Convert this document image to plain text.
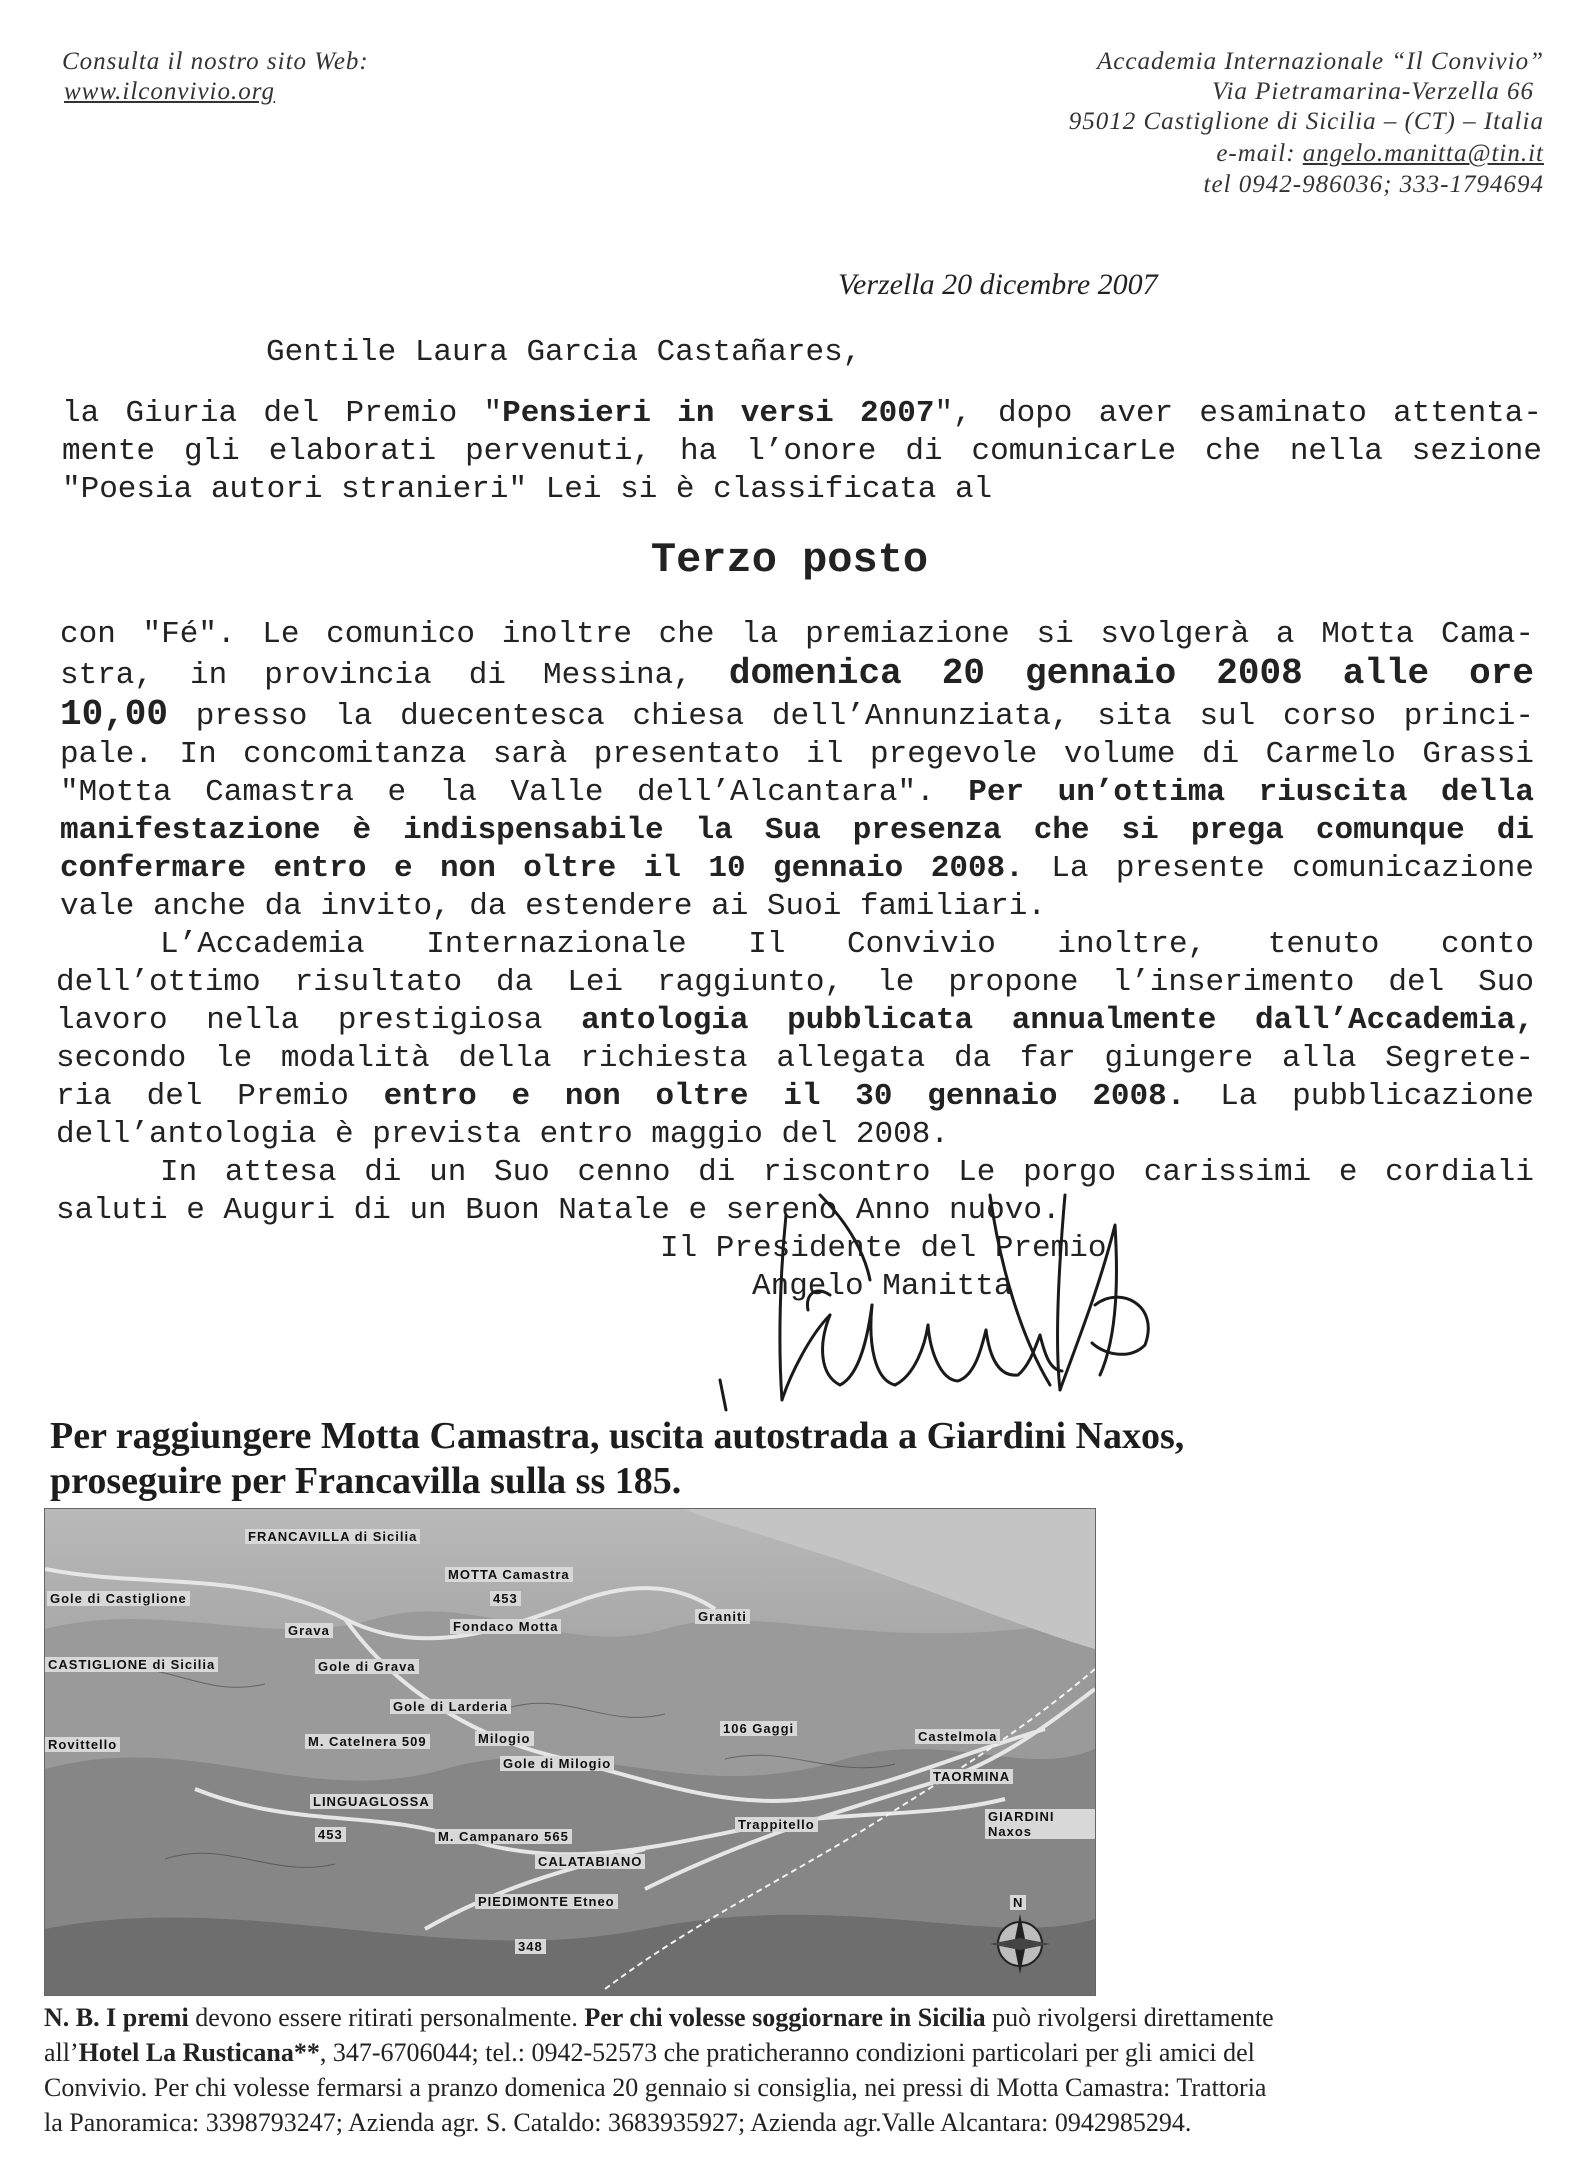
Consulta il nostro sito Web:
www.ilconvivio.org
Accademia Internazionale “Il Convivio”
Via Pietramarina-Verzella 66
95012 Castiglione di Sicilia – (CT) – Italia
e-mail: angelo.manitta@tin.it
tel 0942-986036; 333-1794694
Verzella 20 dicembre 2007
Gentile Laura Garcia Castañares,
la Giuria del Premio "Pensieri in versi 2007", dopo aver esaminato attenta-
mente gli elaborati pervenuti, ha l’onore di comunicarLe che nella sezione
"Poesia autori stranieri" Lei si è classificata al
Terzo posto
con "Fé". Le comunico inoltre che la premiazione si svolgerà a Motta Cama-
stra, in provincia di Messina, domenica 20 gennaio 2008 alle ore
10,00 presso la duecentesca chiesa dell’Annunziata, sita sul corso princi-
pale. In concomitanza sarà presentato il pregevole volume di Carmelo Grassi
"Motta Camastra e la Valle dell’Alcantara". Per un’ottima riuscita della
manifestazione è indispensabile la Sua presenza che si prega comunque di
confermare entro e non oltre il 10 gennaio 2008. La presente comunicazione
vale anche da invito, da estendere ai Suoi familiari.
L’Accademia Internazionale Il Convivio inoltre, tenuto conto
dell’ottimo risultato da Lei raggiunto, le propone l’inserimento del Suo
lavoro nella prestigiosa antologia pubblicata annualmente dall’Accademia,
secondo le modalità della richiesta allegata da far giungere alla Segrete-
ria del Premio entro e non oltre il 30 gennaio 2008. La pubblicazione
dell’antologia è prevista entro maggio del 2008.
In attesa di un Suo cenno di riscontro Le porgo carissimi e cordiali
saluti e Auguri di un Buon Natale e sereno Anno nuovo.
Il Presidente del Premio
Angelo Manitta
Per raggiungere Motta Camastra, uscita autostrada a Giardini Naxos,
proseguire per Francavilla sulla ss 185.
FRANCAVILLA di Sicilia
MOTTA Camastra
453
Gole di Castiglione
Grava	Fondaco Motta
CASTIGLIONE di Sicilia	Gole di Grava
Gole di Larderia
Graniti
106 Gaggi
Castelmola
TAORMINA
M. Catelnera 509	Milogio
Gole di Milogio
Rovittello
LINGUAGLOSSA
453	M. Campanaro 565
CALATABIANO
Trappitello
GIARDINI Naxos
PIEDIMONTE Etneo
348
N
N. B. I premi devono essere ritirati personalmente. Per chi volesse soggiornare in Sicilia può rivolgersi direttamente
all’Hotel La Rusticana**, 347-6706044; tel.: 0942-52573 che praticheranno condizioni particolari per gli amici del
Convivio. Per chi volesse fermarsi a pranzo domenica 20 gennaio si consiglia, nei pressi di Motta Camastra: Trattoria
la Panoramica: 3398793247; Azienda agr. S. Cataldo: 3683935927; Azienda agr.Valle Alcantara: 0942985294.
